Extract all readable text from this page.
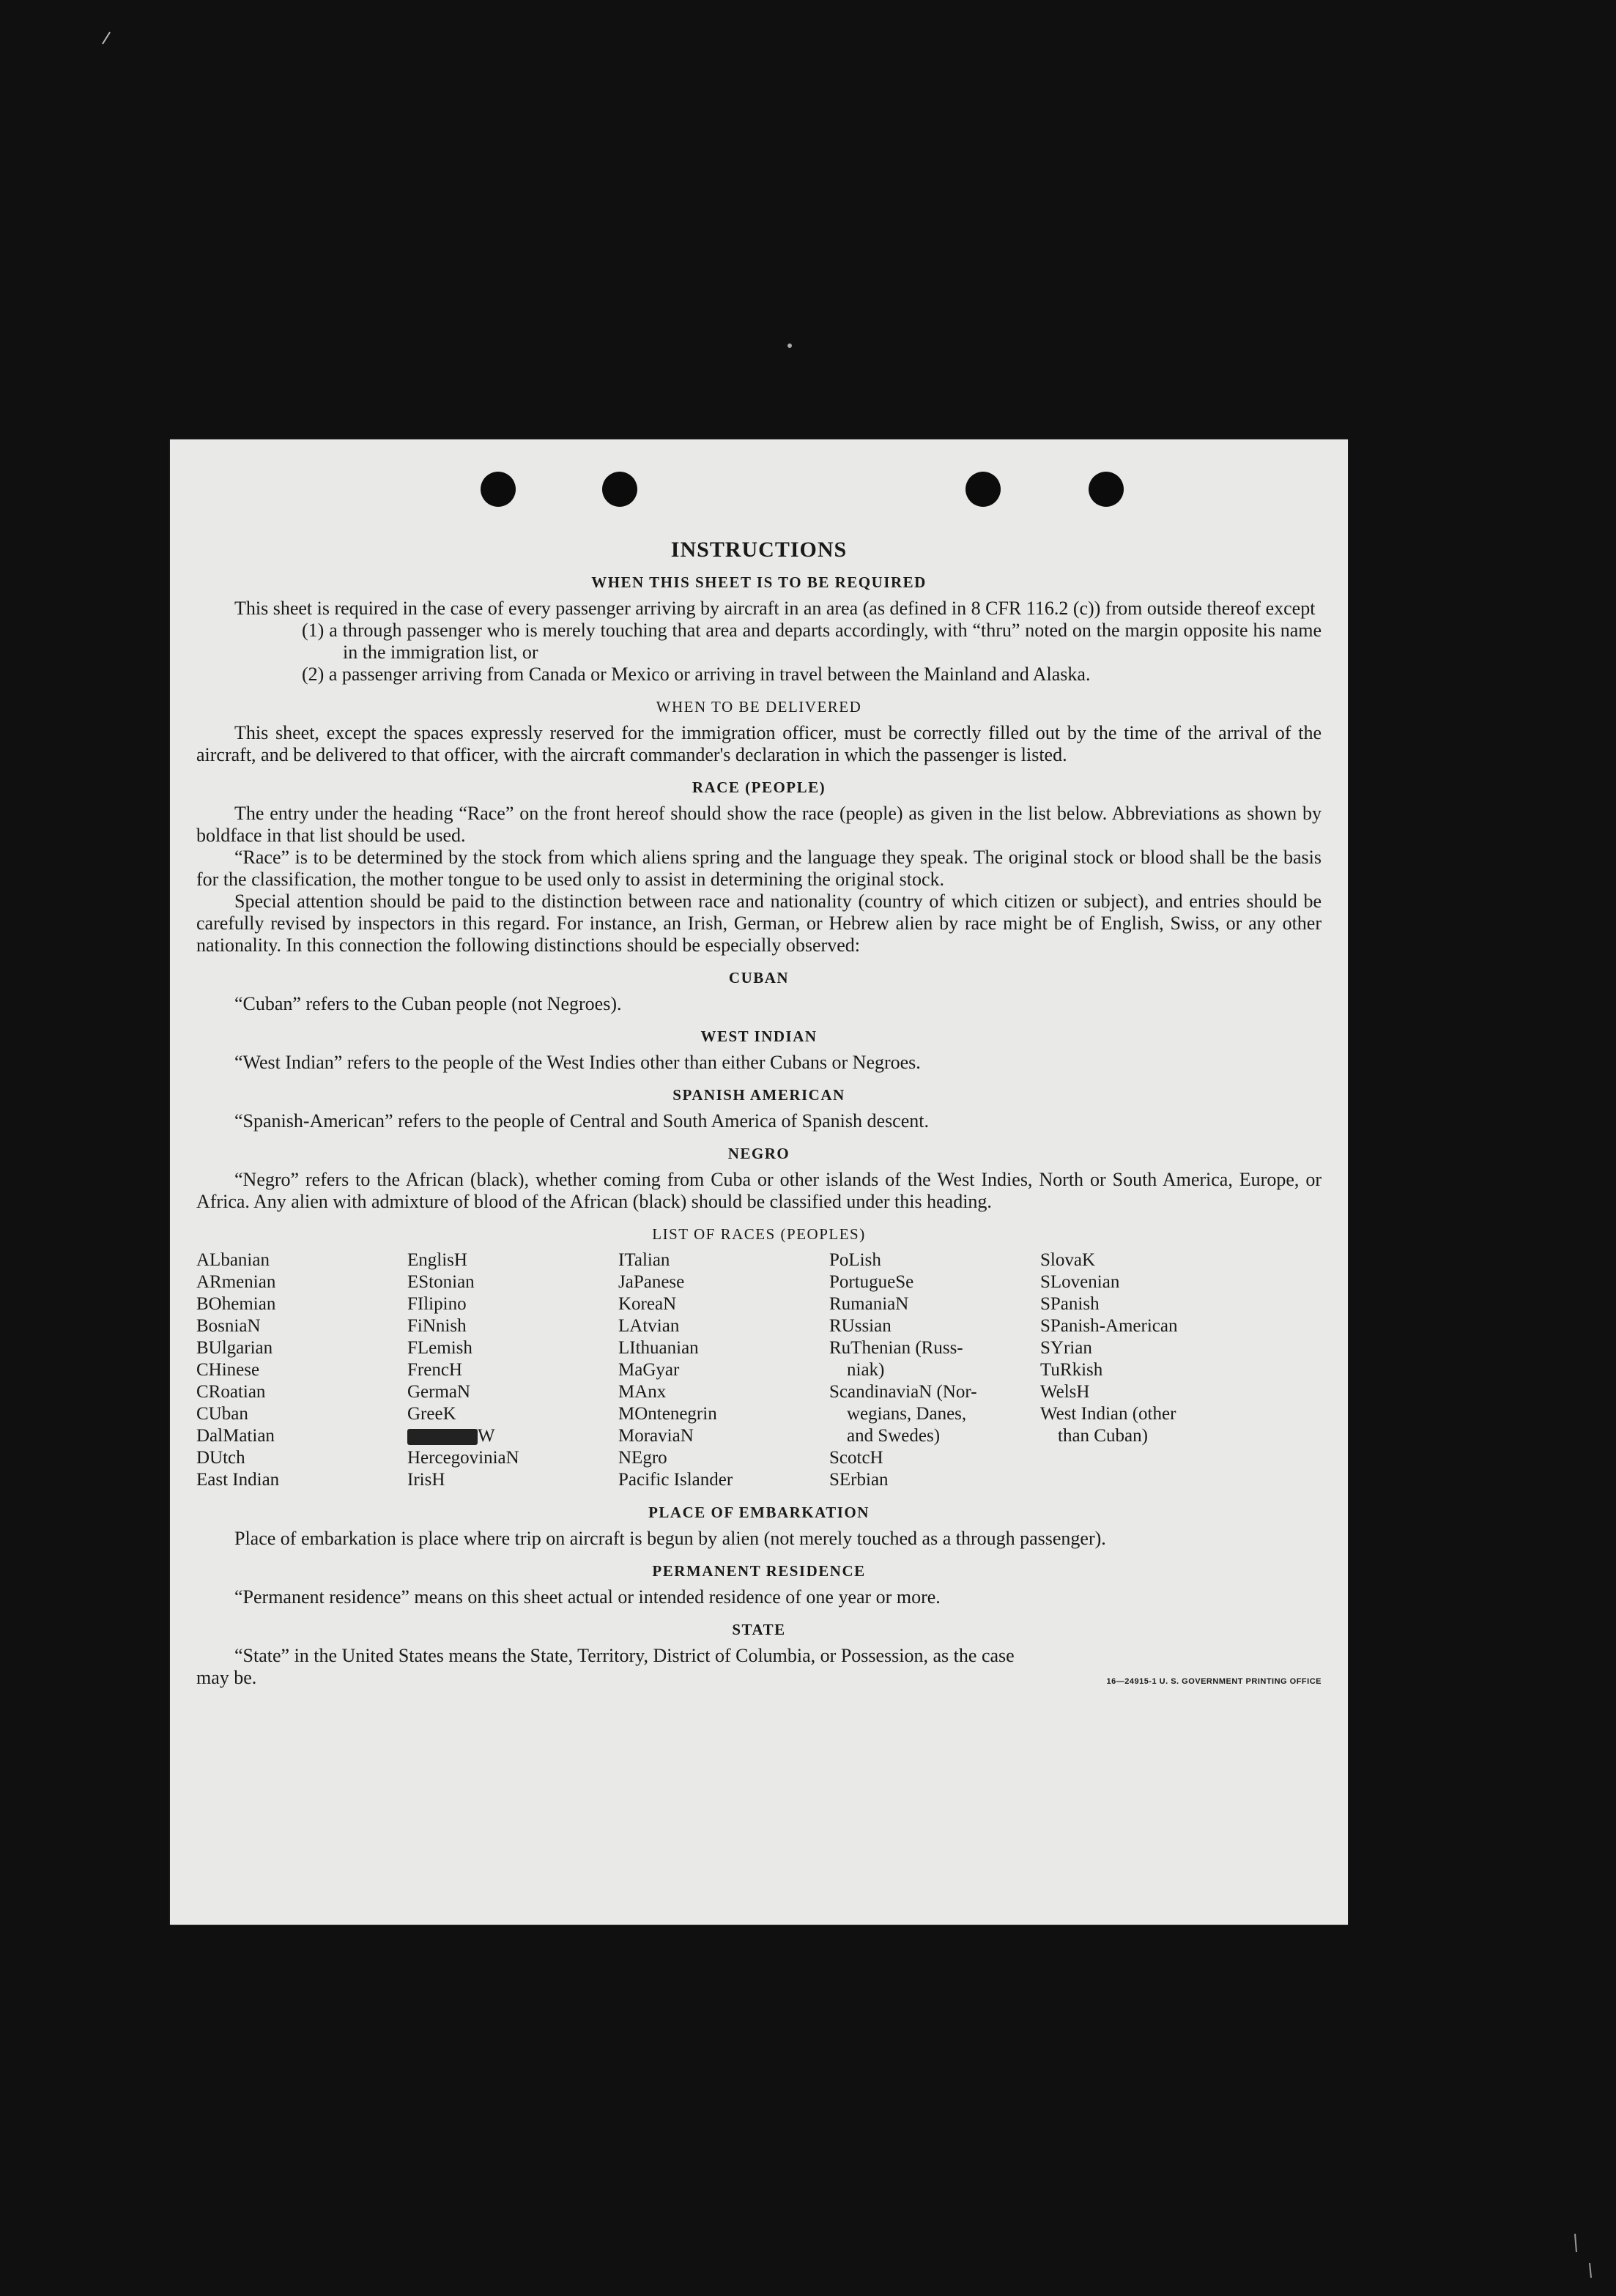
INSTRUCTIONS
WHEN THIS SHEET IS TO BE REQUIRED

This sheet is required in the case of every passenger arriving by aircraft in an area (as defined in 8 CFR 116.2 (c)) from outside thereof except

(1) a through passenger who is merely touching that area and departs accordingly, with “thru” noted on the margin opposite his name in the immigration list, or

(2) a passenger arriving from Canada or Mexico or arriving in travel between the Mainland and Alaska.

WHEN TO BE DELIVERED

This sheet, except the spaces expressly reserved for the immigration officer, must be correctly filled out by the time of the arrival of the aircraft, and be delivered to that officer, with the aircraft commander's declaration in which the passenger is listed.

RACE (PEOPLE)

The entry under the heading “Race” on the front hereof should show the race (people) as given in the list below. Abbreviations as shown by boldface in that list should be used.

“Race” is to be determined by the stock from which aliens spring and the language they speak. The original stock or blood shall be the basis for the classification, the mother tongue to be used only to assist in determining the original stock.

Special attention should be paid to the distinction between race and nationality (country of which citizen or subject), and entries should be carefully revised by inspectors in this regard. For instance, an Irish, German, or Hebrew alien by race might be of English, Swiss, or any other nationality. In this connection the following distinctions should be especially observed:

CUBAN

“Cuban” refers to the Cuban people (not Negroes).

WEST INDIAN

“West Indian” refers to the people of the West Indies other than either Cubans or Negroes.

SPANISH AMERICAN

“Spanish-American” refers to the people of Central and South America of Spanish descent.

NEGRO

“Negro” refers to the African (black), whether coming from Cuba or other islands of the West Indies, North or South America, Europe, or Africa. Any alien with admixture of blood of the African (black) should be classified under this heading.

LIST OF RACES (PEOPLES)
ALbanian
ARmenian
BOhemian
BosniaN
BUlgarian
CHinese
CRoatian
CUban
DalMatian
DUtch
East Indian
EnglisH
EStonian
FIlipino
FiNnish
FLemish
FrencH
GermaN
GreeK
W
HercegoviniaN
IrisH
ITalian
JaPanese
KoreaN
LAtvian
LIthuanian
MaGyar
MAnx
MOntenegrin
MoraviaN
NEgro
Pacific Islander
PoLish
PortugueSe
RumaniaN
RUssian
RuThenian (Russ-
niak)
ScandinaviaN (Nor-
wegians, Danes,
and Swedes)
ScotcH
SErbian
SlovaK
SLovenian
SPanish
SPanish-American
SYrian
TuRkish
WelsH
West Indian (other
than Cuban)
PLACE OF EMBARKATION

Place of embarkation is place where trip on aircraft is begun by alien (not merely touched as a through passenger).

PERMANENT RESIDENCE

“Permanent residence” means on this sheet actual or intended residence of one year or more.

STATE

“State” in the United States means the State, Territory, District of Columbia, or Possession, as the case

may be.	16—24915-1 U. S. GOVERNMENT PRINTING OFFICE
